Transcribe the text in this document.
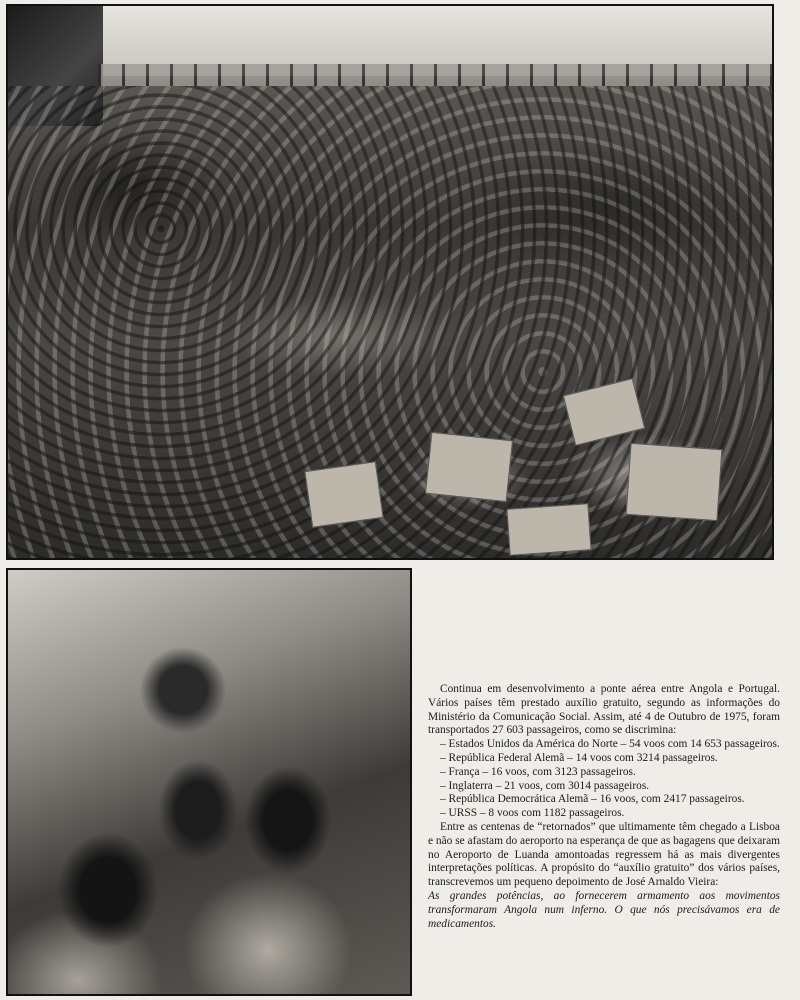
Continua em desenvolvimento a ponte aérea entre Angola e Portugal. Vários países têm prestado auxílio gratuito, segundo as informações do Ministério da Comunicação Social. Assim, até 4 de Outubro de 1975, foram transportados 27 603 passageiros, como se discrimina:

– Estados Unidos da América do Norte – 54 voos com 14 653 passageiros.

– República Federal Alemã – 14 voos com 3214 passageiros.

– França – 16 voos, com 3123 passageiros.

– Inglaterra – 21 voos, com 3014 passageiros.

– República Democrática Alemã – 16 voos, com 2417 passageiros.

– URSS – 8 voos com 1182 passageiros.

Entre as centenas de “retornados” que ultimamente têm chegado a Lisboa e não se afastam do aeroporto na esperança de que as bagagens que deixaram no Aeroporto de Luanda amontoadas regressem há as mais divergentes interpretações políticas. A propósito do “auxílio gratuito” dos vários países, transcrevemos um pequeno depoimento de José Arnaldo Vieira:

As grandes potências, ao fornecerem armamento aos movimentos transformaram Angola num inferno. O que nós precisávamos era de medicamentos.
